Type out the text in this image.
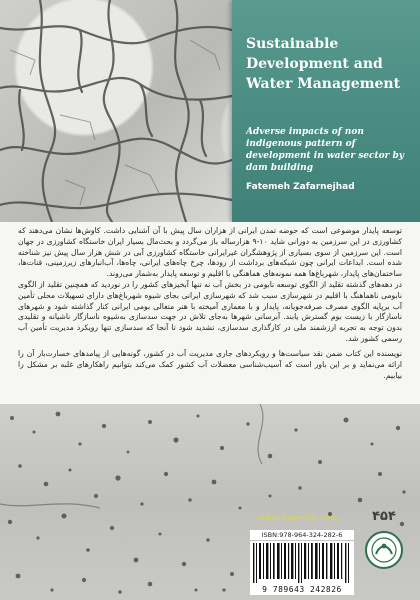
Sustainable Development and Water Management
Adverse impacts of non indigenous pattern of development in water sector by dam building
Fatemeh Zafarnejhad
توسعه پایدار موضوعی است که حوضه تمدن ایرانی از هزاران سال پیش با آن آشنایی داشت. کاوش‌ها نشان می‌دهند که کشاورزی در این سرزمین به دورانی شاید ۱۰-۹ هزارساله باز می‌گردد و بحث‌مال بسیار ایران خاستگاه کشاورزی در جهان است. این سرزمین از سوی بسیاری از پژوهشگران غیرایرانی خاستگاه کشاورزی آبی در شش هزار سال پیش نیز شناخته شده است. ابداعات ایرانی چون شبکه‌های برداشت از رودها، چرخ چاه‌های ایرانی، چاه‌ها، آب‌انبارهای زیرزمینی، قنات‌ها، ساختمان‌های پایدار، شهرباغ‌ها همه نمونه‌های هماهنگی با اقلیم و توسعه پایدار به‌شمار می‌روند.
در دهه‌های گذشته تقلید از الگوی توسعه نابومی در بخش آب نه تنها آبخیزهای کشور را در نوردید که همچنین تقلید از الگوی نابومی ناهماهنگ با اقلیم در شهرسازی سبب شد که شهرسازی ایرانی بجای شیوه شهرباغ‌های دارای تسهیلات محلی تأمین آب برپایه الگوی مصرف صرفه‌جویانه، پایدار و با معماری آمیخته با هنر متعالی بومی ایرانی کنار گذاشته شود و شهرهای ناسازگار با زیست بوم گسترش یابند. آبرسانی شهرها به‌جای تلاش در جهت سدسازی به‌شیوه ناسازگار ناشیانه و تقلیدی بدون توجه به تجربه ارزشمند ملی در کارگذاری سدسازی، تشدید شود تا آنجا که سدسازی تنها رویکرد مدیریت تأمین آب رسمی کشور شد.
نویسنده این کتاب ضمن نقد سیاست‌ها و رویکردهای جاری مدیریت آب در کشور، گونه‌هایی از پیامدهای خسارت‌بار آن را ارائه می‌نماید و بر این باور است که آسیب‌شناسی معضلات آب کشور کمک می‌کند بتوانیم راهکارهای غلبه بر مشکل را بیابیم.
www.ijdpress.com	۴۵۴
ISBN:978-964-324-282-6
9 789643 242826
